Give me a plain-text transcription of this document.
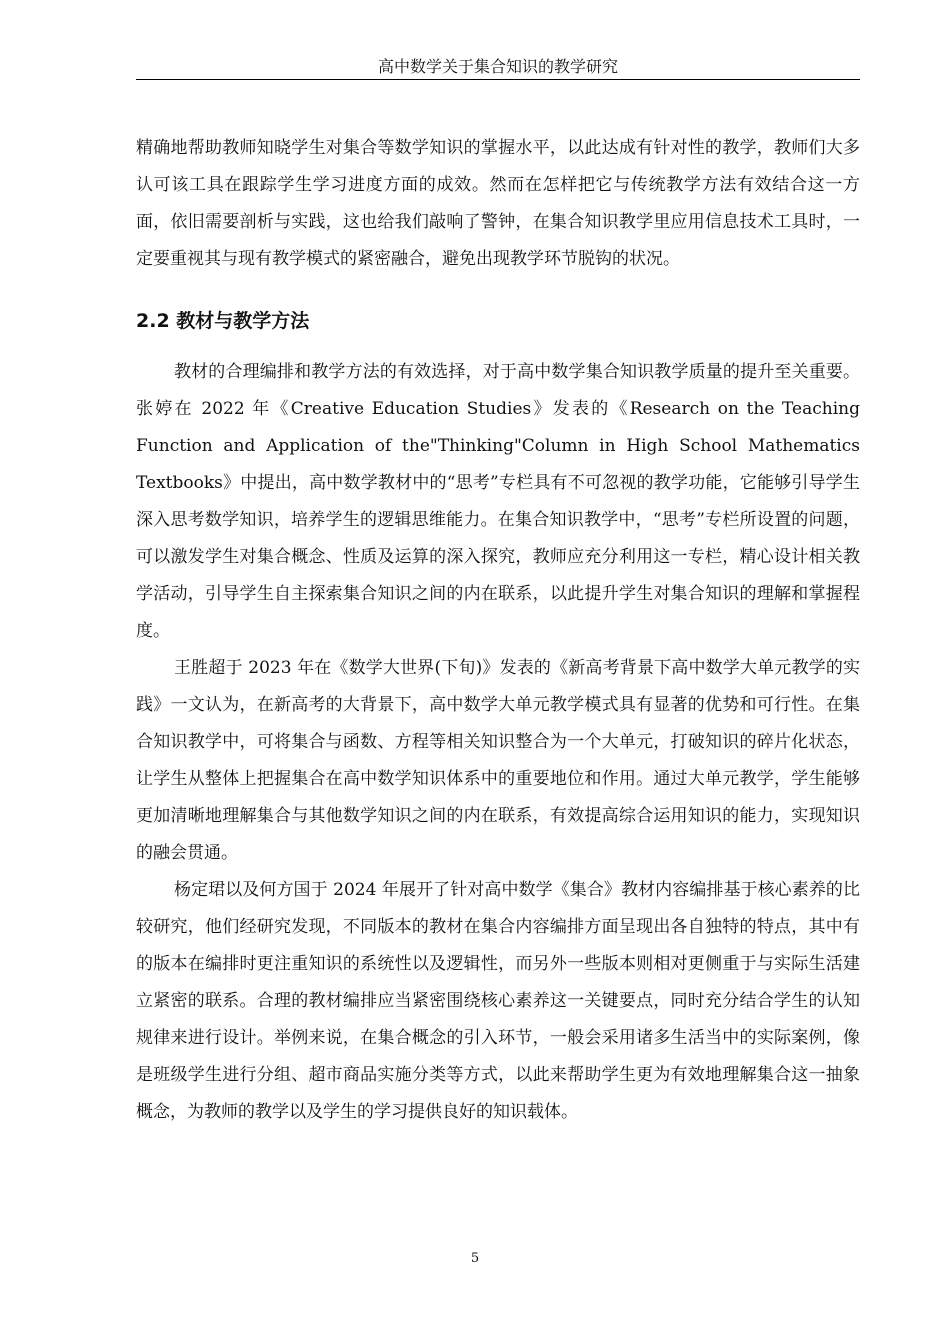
高中数学关于集合知识的教学研究

精确地帮助教师知晓学生对集合等数学知识的掌握水平，以此达成有针对性的教学，教师们大多认可该工具在跟踪学生学习进度方面的成效。然而在怎样把它与传统教学方法有效结合这一方面，依旧需要剖析与实践，这也给我们敲响了警钟，在集合知识教学里应用信息技术工具时，一定要重视其与现有教学模式的紧密融合，避免出现教学环节脱钩的状况。

2.2 教材与教学方法

教材的合理编排和教学方法的有效选择，对于高中数学集合知识教学质量的提升至关重要。张婷在 2022 年《Creative Education Studies》发表的《Research on the Teaching Function and Application of the"Thinking"Column in High School Mathematics Textbooks》中提出，高中数学教材中的“思考”专栏具有不可忽视的教学功能，它能够引导学生深入思考数学知识，培养学生的逻辑思维能力。在集合知识教学中，“思考”专栏所设置的问题，可以激发学生对集合概念、性质及运算的深入探究，教师应充分利用这一专栏，精心设计相关教学活动，引导学生自主探索集合知识之间的内在联系，以此提升学生对集合知识的理解和掌握程度。

王胜超于 2023 年在《数学大世界(下旬)》发表的《新高考背景下高中数学大单元教学的实践》一文认为，在新高考的大背景下，高中数学大单元教学模式具有显著的优势和可行性。在集合知识教学中，可将集合与函数、方程等相关知识整合为一个大单元，打破知识的碎片化状态，让学生从整体上把握集合在高中数学知识体系中的重要地位和作用。通过大单元教学，学生能够更加清晰地理解集合与其他数学知识之间的内在联系，有效提高综合运用知识的能力，实现知识的融会贯通。

杨定珺以及何方国于 2024 年展开了针对高中数学《集合》教材内容编排基于核心素养的比较研究，他们经研究发现，不同版本的教材在集合内容编排方面呈现出各自独特的特点，其中有的版本在编排时更注重知识的系统性以及逻辑性，而另外一些版本则相对更侧重于与实际生活建立紧密的联系。合理的教材编排应当紧密围绕核心素养这一关键要点，同时充分结合学生的认知规律来进行设计。举例来说，在集合概念的引入环节，一般会采用诸多生活当中的实际案例，像是班级学生进行分组、超市商品实施分类等方式，以此来帮助学生更为有效地理解集合这一抽象概念，为教师的教学以及学生的学习提供良好的知识载体。

5
